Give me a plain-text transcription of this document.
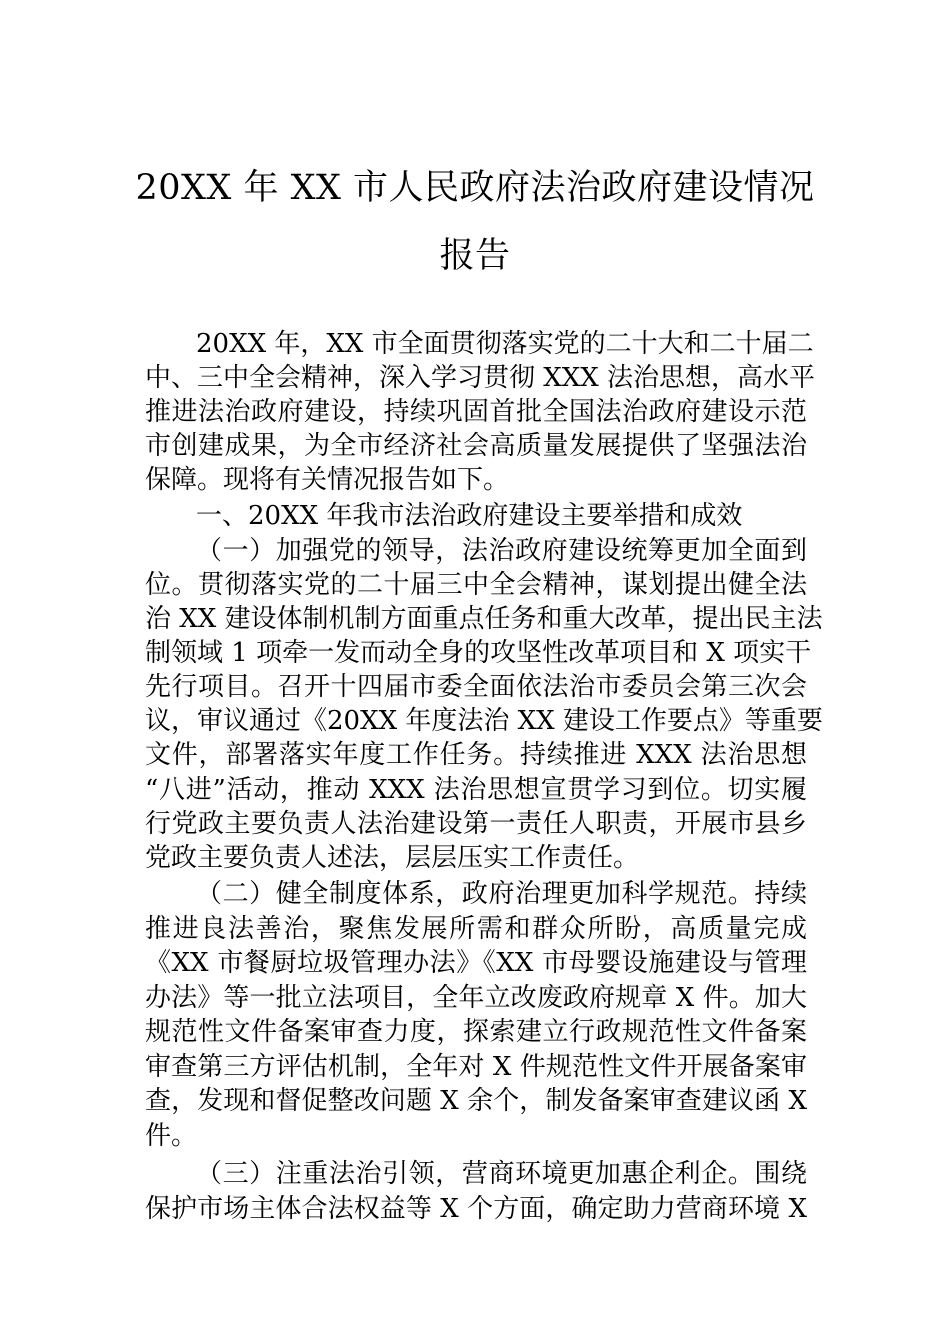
20XX 年 XX 市人民政府法治政府建设情况
报告
20XX 年，XX 市全面贯彻落实党的二十大和二十届二
中、三中全会精神，深入学习贯彻 XXX 法治思想，高水平
推进法治政府建设，持续巩固首批全国法治政府建设示范
市创建成果，为全市经济社会高质量发展提供了坚强法治
保障。现将有关情况报告如下。
一、20XX 年我市法治政府建设主要举措和成效
（一）加强党的领导，法治政府建设统筹更加全面到
位。贯彻落实党的二十届三中全会精神，谋划提出健全法
治 XX 建设体制机制方面重点任务和重大改革，提出民主法
制领域 1 项牵一发而动全身的攻坚性改革项目和 X 项实干
先行项目。召开十四届市委全面依法治市委员会第三次会
议，审议通过《20XX 年度法治 XX 建设工作要点》等重要
文件，部署落实年度工作任务。持续推进 XXX 法治思想
“八进”活动，推动 XXX 法治思想宣贯学习到位。切实履
行党政主要负责人法治建设第一责任人职责，开展市县乡
党政主要负责人述法，层层压实工作责任。
（二）健全制度体系，政府治理更加科学规范。持续
推进良法善治，聚焦发展所需和群众所盼，高质量完成
《XX 市餐厨垃圾管理办法》《XX 市母婴设施建设与管理
办法》等一批立法项目，全年立改废政府规章 X 件。加大
规范性文件备案审查力度，探索建立行政规范性文件备案
审查第三方评估机制，全年对 X 件规范性文件开展备案审
查，发现和督促整改问题 X 余个，制发备案审查建议函 X
件。
（三）注重法治引领，营商环境更加惠企利企。围绕
保护市场主体合法权益等 X 个方面，确定助力营商环境 X
